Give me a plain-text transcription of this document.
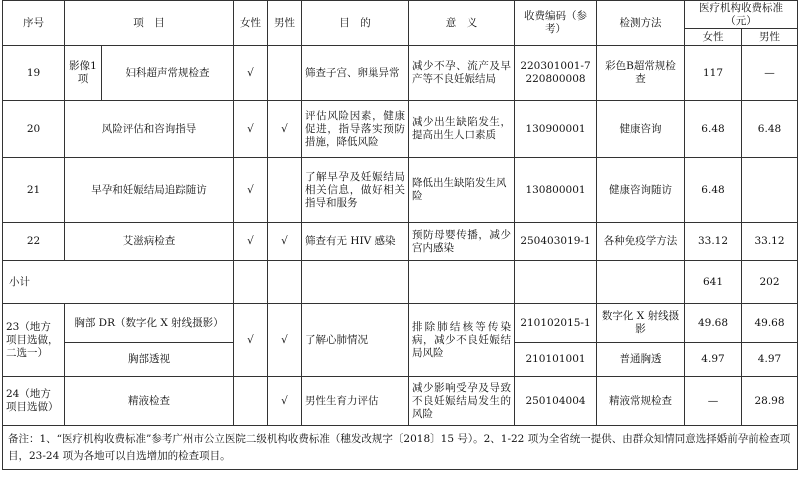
序号	项　目		女性	男性	目　的	意　义	收费编码（参考）	检测方法	医疗机构收费标准（元）	
									女性	男性
19	影像1项	妇科超声常规检查	√		筛查子宫、卵巢异常	减少不孕、流产及早产等不良妊娠结局	220301001-7 220800008	彩色B超常规检查	117	—
20	风险评估和咨询指导		√	√	评估风险因素，健康促进，指导落实预防措施，降低风险	减少出生缺陷发生，提高出生人口素质	130900001	健康咨询	6.48	6.48
21	早孕和妊娠结局追踪随访		√		了解早孕及妊娠结局相关信息，做好相关指导和服务	降低出生缺陷发生风险	130800001	健康咨询随访	6.48	
22	艾滋病检查		√	√	筛查有无 HIV 感染	预防母婴传播，减少宫内感染	250403019-1	各种免疫学方法	33.12	33.12
小计									641	202
23（地方项目选做，二选一）	胸部 DR（数字化 X 射线摄影）		√	√	了解心肺情况	排除肺结核等传染病，减少不良妊娠结局风险	210102015-1	数字化 X 射线摄影	49.68	49.68
	胸部透视						210101001	普通胸透	4.97	4.97
24（地方项目选做）	精液检查			√	男性生育力评估	减少影响受孕及导致不良妊娠结局发生的风险	250104004	精液常规检查	—	28.98
备注：1、“医疗机构收费标准”参考广州市公立医院二级机构收费标准（穗发改规字〔2018〕15 号）。2、1-22 项为全省统一提供、由群众知情同意选择婚前孕前检查项目，23-24 项为各地可以自选增加的检查项目。										
